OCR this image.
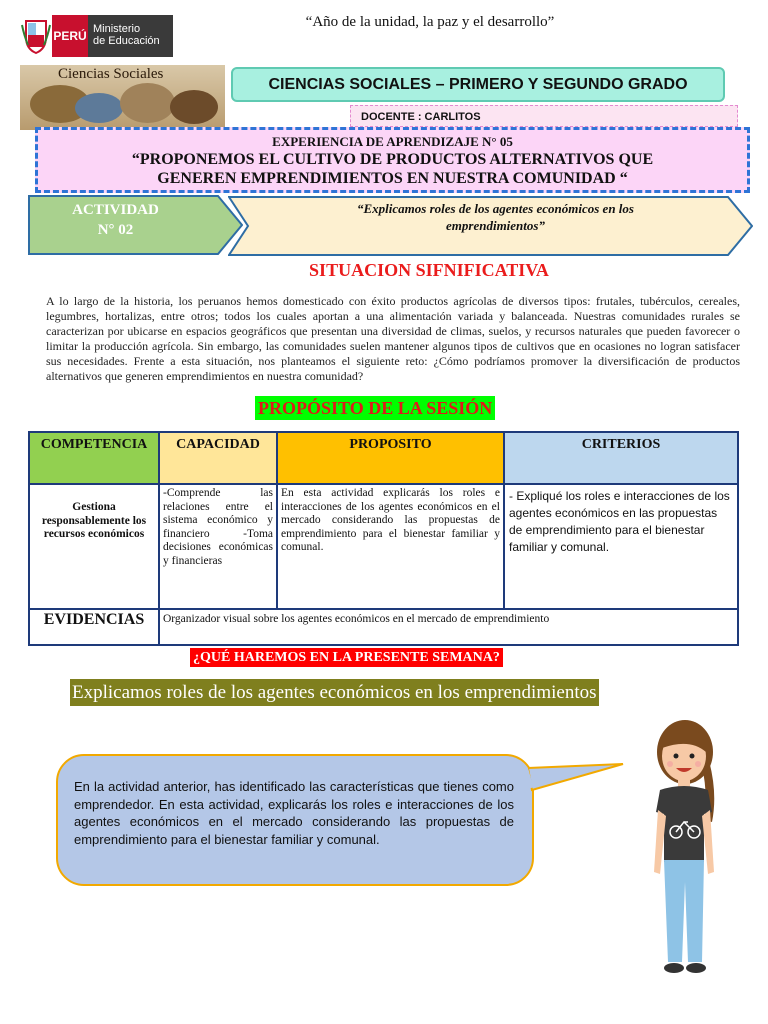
PERÚ Ministerio
de Educación
“Año de la unidad, la paz y el desarrollo”
Ciencias Sociales
CIENCIAS SOCIALES – PRIMERO Y SEGUNDO GRADO
DOCENTE : CARLITOS
EXPERIENCIA DE APRENDIZAJE N° 05
“PROPONEMOS EL CULTIVO DE PRODUCTOS ALTERNATIVOS QUE
GENEREN EMPRENDIMIENTOS EN NUESTRA COMUNIDAD “
ACTIVIDAD
N° 02
“Explicamos roles de los agentes económicos en los
emprendimientos”
SITUACION SIFNIFICATIVA

A lo largo de la historia, los peruanos hemos domesticado con éxito productos agrícolas de diversos tipos: frutales, tubérculos, cereales, legumbres, hortalizas, entre otros; todos los cuales aportan a una alimentación variada y balanceada. Nuestras comunidades rurales se caracterizan por ubicarse en espacios geográficos que presentan una diversidad de climas, suelos, y recursos naturales que pueden favorecer o limitar la producción agrícola. Sin embargo, las comunidades suelen mantener algunos tipos de cultivos que en ocasiones no logran satisfacer sus necesidades. Frente a esta situación, nos planteamos el siguiente reto: ¿Cómo podríamos promover la diversificación de productos alternativos que generen emprendimientos en nuestra comunidad?

PROPÓSITO DE LA SESIÓN
COMPETENCIA	CAPACIDAD	PROPOSITO	CRITERIOS
Gestiona responsablemente los recursos económicos	-Comprende las relaciones entre el sistema económico y financiero -Toma decisiones económicas y financieras	En esta actividad explicarás los roles e interacciones de los agentes económicos en el mercado considerando las propuestas de emprendimiento para el bienestar familiar y comunal.	- Expliqué los roles e interacciones de los agentes económicos en las propuestas de emprendimiento para el bienestar familiar y comunal.
EVIDENCIAS	Organizador visual sobre los agentes económicos en el mercado de emprendimiento		
¿QUÉ HAREMOS EN LA PRESENTE SEMANA?
Explicamos roles de los agentes económicos en los emprendimientos
En la actividad anterior, has identificado las características que tienes como emprendedor. En esta actividad, explicarás los roles e interacciones de los agentes económicos en el mercado considerando las propuestas de emprendimiento para el bienestar familiar y comunal.
